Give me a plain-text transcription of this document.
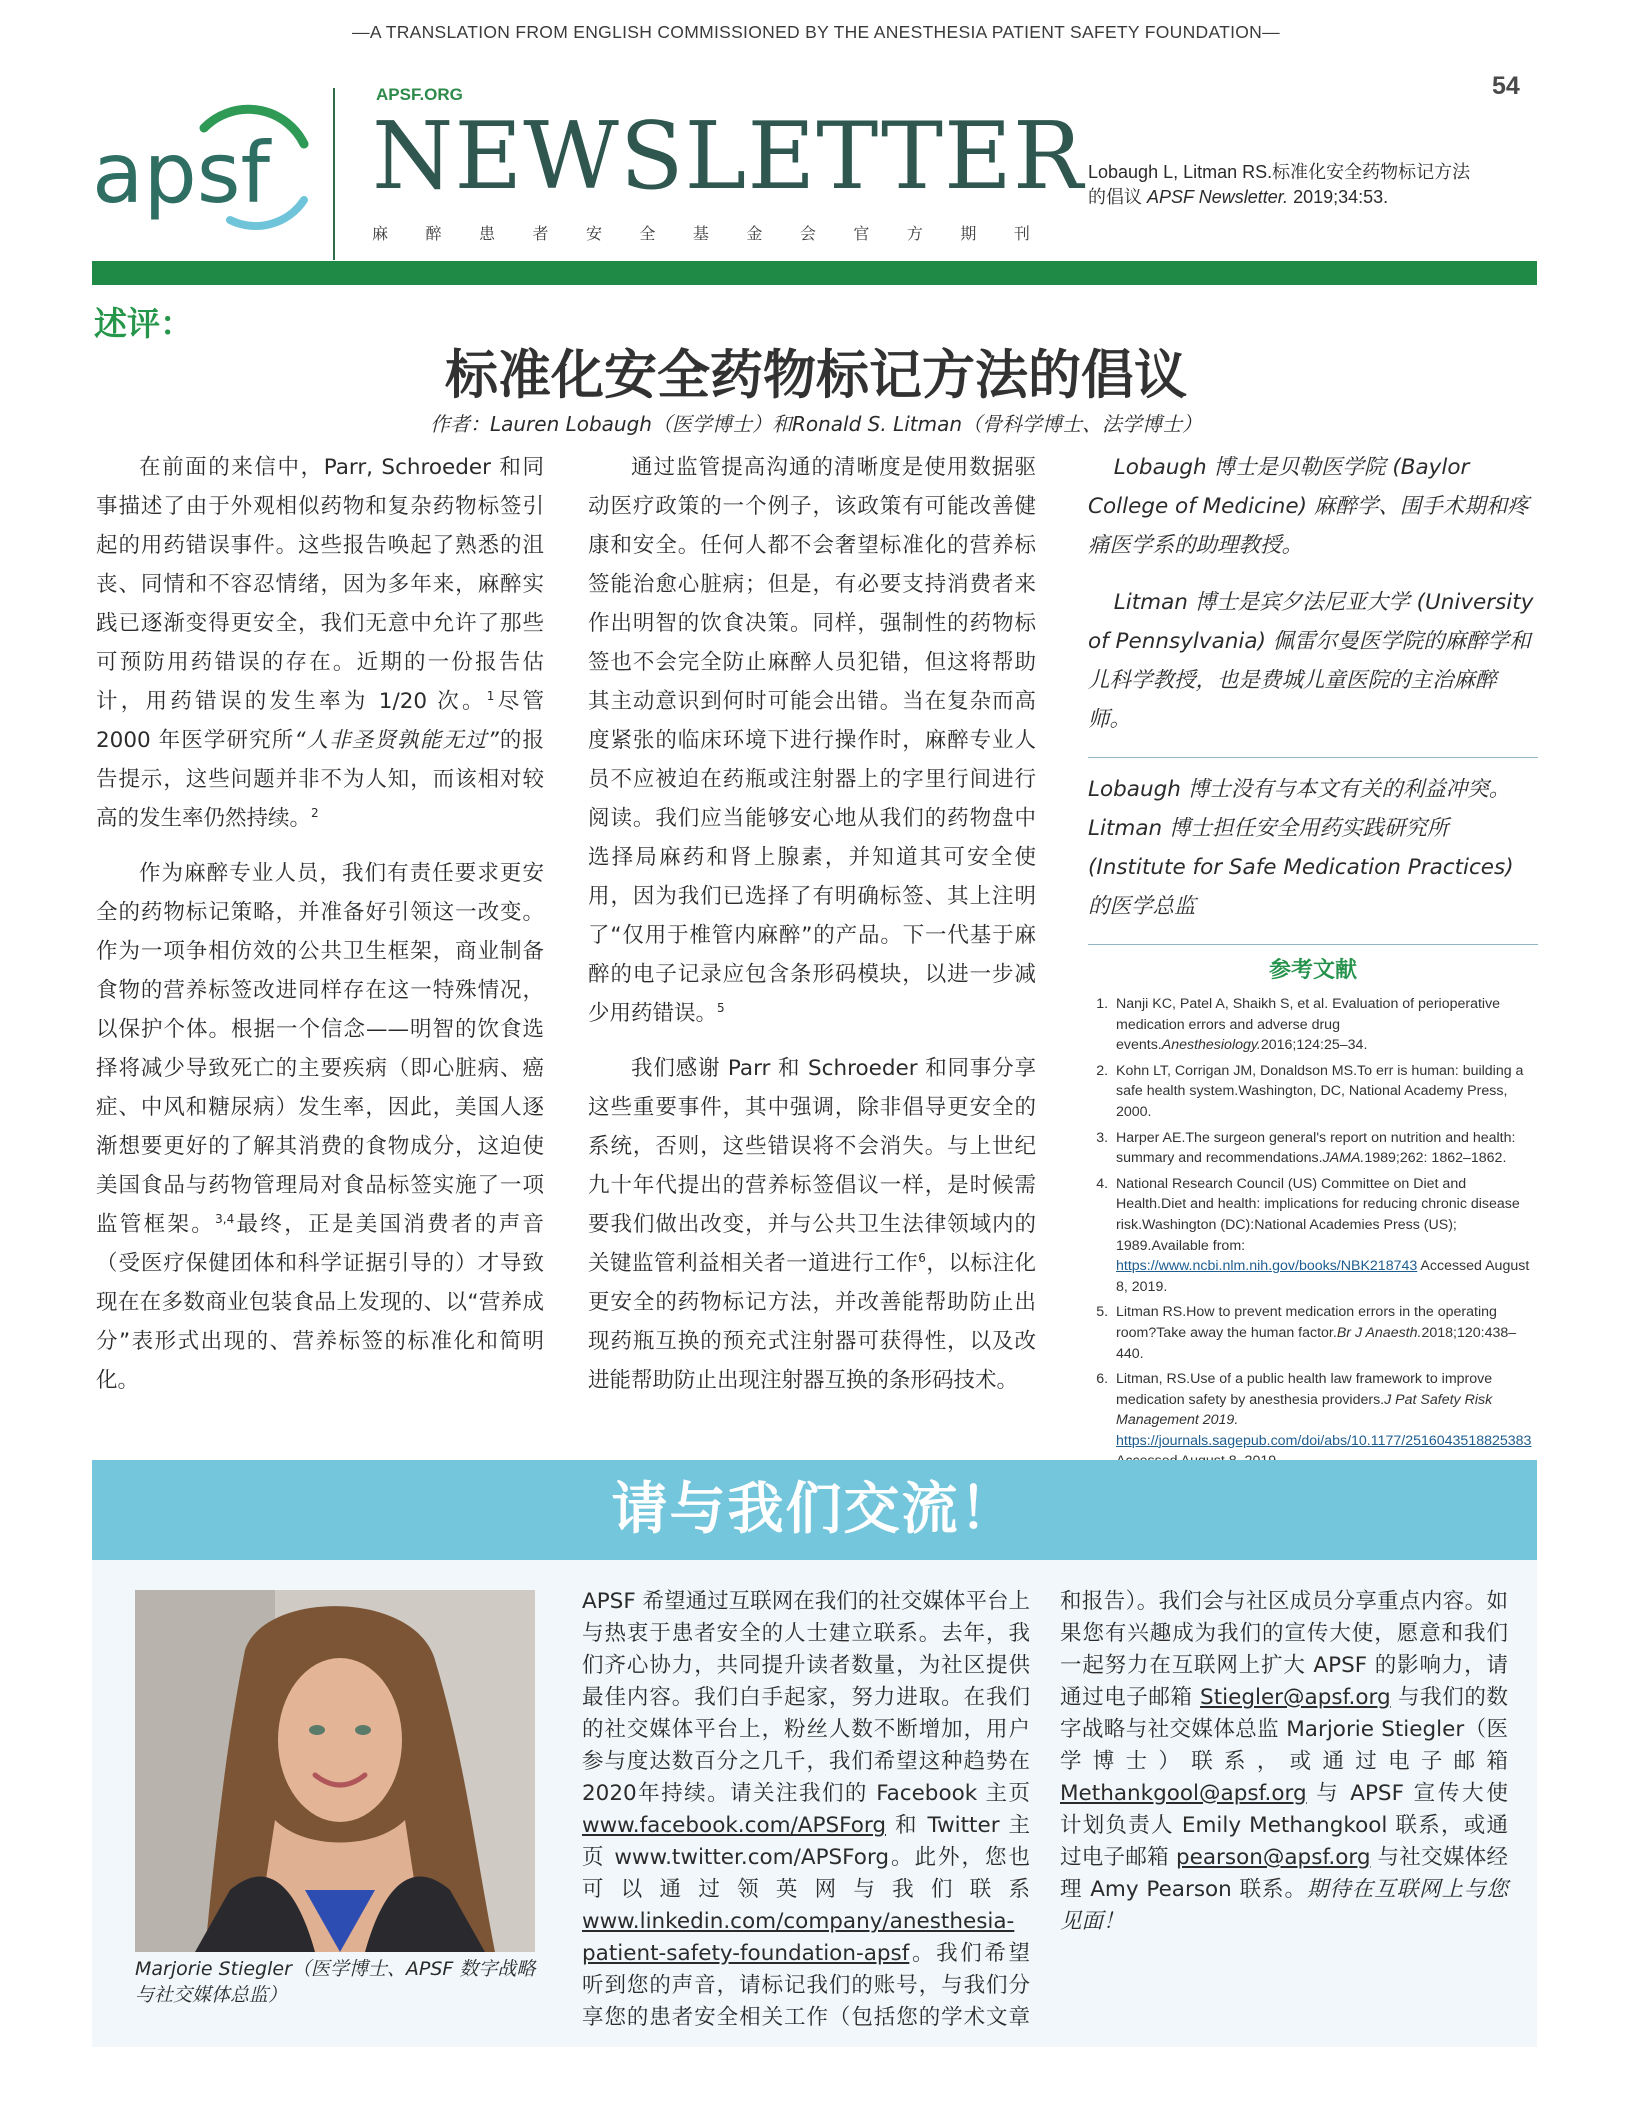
—A TRANSLATION FROM ENGLISH COMMISSIONED BY THE ANESTHESIA PATIENT SAFETY FOUNDATION—
54
apsf
APSF.ORG
NEWSLETTER
麻 醉 患 者 安 全 基 金 会 官 方 期 刊
Lobaugh L, Litman RS.标准化安全药物标记方法
的倡议 APSF Newsletter. 2019;34:53.
述评：
标准化安全药物标记方法的倡议
作者：Lauren Lobaugh（医学博士）和Ronald S. Litman（骨科学博士、法学博士）

在前面的来信中，Parr, Schroeder 和同事描述了由于外观相似药物和复杂药物标签引起的用药错误事件。这些报告唤起了熟悉的沮丧、同情和不容忍情绪，因为多年来，麻醉实践已逐渐变得更安全，我们无意中允许了那些可预防用药错误的存在。近期的一份报告估计，用药错误的发生率为 1/20 次。$^1$尽管 2000 年医学研究所“人非圣贤孰能无过”的报告提示，这些问题并非不为人知，而该相对较高的发生率仍然持续。$^2$

作为麻醉专业人员，我们有责任要求更安全的药物标记策略，并准备好引领这一改变。作为一项争相仿效的公共卫生框架，商业制备食物的营养标签改进同样存在这一特殊情况，以保护个体。根据一个信念——明智的饮食选择将减少导致死亡的主要疾病（即心脏病、癌症、中风和糖尿病）发生率，因此，美国人逐渐想要更好的了解其消费的食物成分，这迫使美国食品与药物管理局对食品标签实施了一项监管框架。$^{3,4}$最终，正是美国消费者的声音（受医疗保健团体和科学证据引导的）才导致现在在多数商业包装食品上发现的、以“营养成分”表形式出现的、营养标签的标准化和简明化。

通过监管提高沟通的清晰度是使用数据驱动医疗政策的一个例子，该政策有可能改善健康和安全。任何人都不会奢望标准化的营养标签能治愈心脏病；但是，有必要支持消费者来作出明智的饮食决策。同样，强制性的药物标签也不会完全防止麻醉人员犯错，但这将帮助其主动意识到何时可能会出错。当在复杂而高度紧张的临床环境下进行操作时，麻醉专业人员不应被迫在药瓶或注射器上的字里行间进行阅读。我们应当能够安心地从我们的药物盘中选择局麻药和肾上腺素，并知道其可安全使用，因为我们已选择了有明确标签、其上注明了“仅用于椎管内麻醉”的产品。下一代基于麻醉的电子记录应包含条形码模块，以进一步减少用药错误。$^5$

我们感谢 Parr 和 Schroeder 和同事分享这些重要事件，其中强调，除非倡导更安全的系统，否则，这些错误将不会消失。与上世纪九十年代提出的营养标签倡议一样，是时候需要我们做出改变，并与公共卫生法律领域内的关键监管利益相关者一道进行工作$^6$，以标注化更安全的药物标记方法，并改善能帮助防止出现药瓶互换的预充式注射器可获得性，以及改进能帮助防止出现注射器互换的条形码技术。

Lobaugh 博士是贝勒医学院 (Baylor College of Medicine) 麻醉学、围手术期和疼痛医学系的助理教授。
Litman 博士是宾夕法尼亚大学 (University of Pennsylvania) 佩雷尔曼医学院的麻醉学和儿科学教授，也是费城儿童医院的主治麻醉师。
Lobaugh 博士没有与本文有关的利益冲突。Litman 博士担任安全用药实践研究所 (Institute for Safe Medication Practices) 的医学总监
参考文献
1. Nanji KC, Patel A, Shaikh S, et al. Evaluation of perioperative medication errors and adverse drug events.Anesthesiology.2016;124:25–34.
2. Kohn LT, Corrigan JM, Donaldson MS.To err is human: building a safe health system.Washington, DC, National Academy Press, 2000.
3. Harper AE.The surgeon general's report on nutrition and health: summary and recommendations.JAMA.1989;262: 1862–1862.
4. National Research Council (US) Committee on Diet and Health.Diet and health: implications for reducing chronic disease risk.Washington (DC):National Academies Press (US); 1989.Available from: https://www.ncbi.nlm.nih.gov/books/NBK218743 Accessed August 8, 2019.
5. Litman RS.How to prevent medication errors in the operating room?Take away the human factor.Br J Anaesth.2018;120:438–440.
6. Litman, RS.Use of a public health law framework to improve medication safety by anesthesia providers.J Pat Safety Risk Management 2019. https://journals.sagepub.com/doi/abs/10.1177/2516043518825383
请与我们交流！
Marjorie Stiegler（医学博士、APSF 数字战略与社交媒体总监）
APSF 希望通过互联网在我们的社交媒体平台上与热衷于患者安全的人士建立联系。去年，我们齐心协力，共同提升读者数量，为社区提供最佳内容。我们白手起家，努力进取。在我们的社交媒体平台上，粉丝人数不断增加，用户参与度达数百分之几千，我们希望这种趋势在 2020年持续。请关注我们的 Facebook 主页 www.facebook.com/APSForg 和 Twitter 主页 www.twitter.com/APSForg。此外，您也可以通过领英网与我们联系 www.linkedin.com/company/anesthesia-patient-safety-foundation-apsf。我们希望听到您的声音，请标记我们的账号，与我们分享您的患者安全相关工作（包括您的学术文章和报告）。我们会与社区成员分享重点内容。如果您有兴趣成为我们的宣传大使，愿意和我们一起努力在互联网上扩大 APSF 的影响力，请通过电子邮箱 Stiegler@apsf.org 与我们的数字战略与社交媒体总监 Marjorie Stiegler（医学博士）联系，或通过电子邮箱 Methankgool@apsf.org 与 APSF 宣传大使计划负责人 Emily Methangkool 联系，或通过电子邮箱 pearson@apsf.org 与社交媒体经理 Amy Pearson 联系。期待在互联网上与您见面！
